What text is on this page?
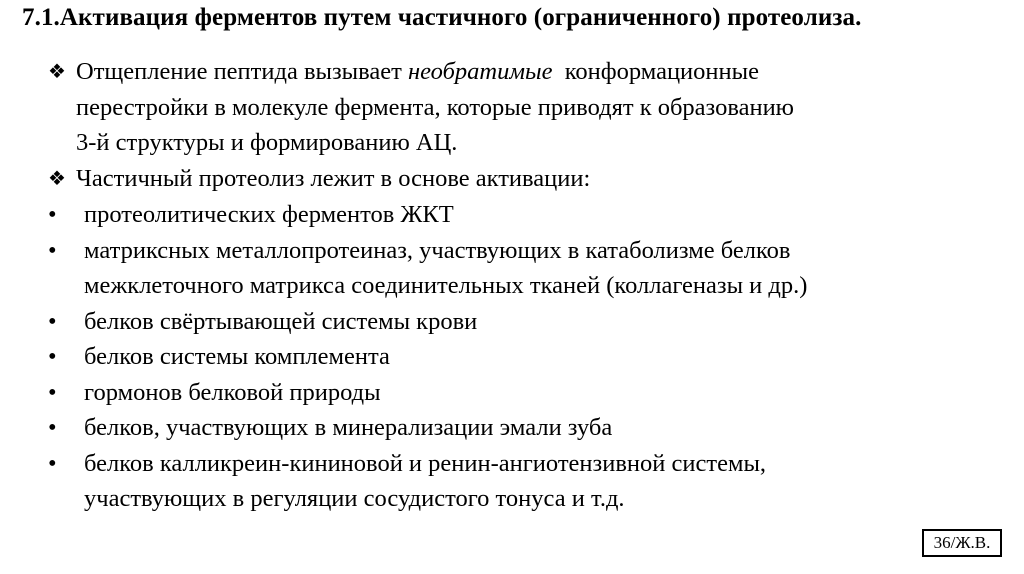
7.1.Активация ферментов путем частичного (ограниченного) протеолиза.
❖ Отщепление пептида вызывает необратимые  конформационные
перестройки в молекуле фермента, которые приводят к образованию
3-й структуры и формированию АЦ.
❖ Частичный протеолиз лежит в основе активации:
•	протеолитических ферментов ЖКТ
•	матриксных металлопротеиназ, участвующих в катаболизме белков
межклеточного матрикса соединительных тканей (коллагеназы и др.)
•	белков свёртывающей системы крови
•	белков системы комплемента
•	гормонов белковой природы
•	белков, участвующих в минерализации эмали зуба
•	белков калликреин-кининовой и ренин-ангиотензивной системы,
участвующих в регуляции сосудистого тонуса и т.д.
36/Ж.В.
